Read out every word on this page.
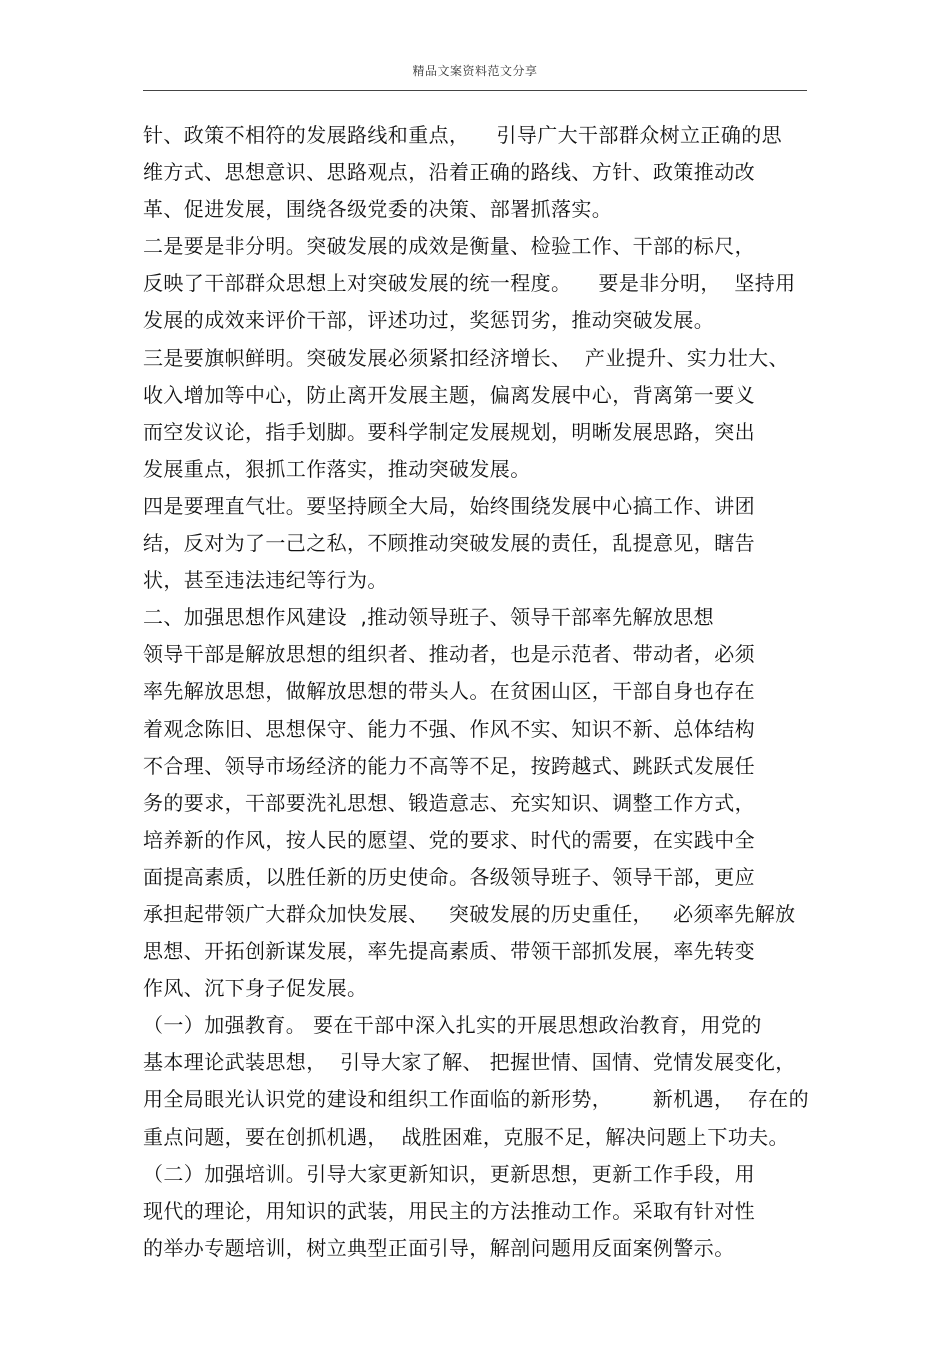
精品文案资料范文分享
针、政策不相符的发展路线和重点，    引导广大干部群众树立正确的思
维方式、思想意识、思路观点，沿着正确的路线、方针、政策推动改
革、促进发展，围绕各级党委的决策、部署抓落实。
二是要是非分明。突破发展的成效是衡量、检验工作、干部的标尺，
反映了干部群众思想上对突破发展的统一程度。    要是非分明，  坚持用
发展的成效来评价干部，评述功过，奖惩罚劣，推动突破发展。
三是要旗帜鲜明。突破发展必须紧扣经济增长、  产业提升、实力壮大、
收入增加等中心，防止离开发展主题，偏离发展中心，背离第一要义
而空发议论，指手划脚。要科学制定发展规划，明晰发展思路，突出
发展重点，狠抓工作落实，推动突破发展。
四是要理直气壮。要坚持顾全大局，始终围绕发展中心搞工作、讲团
结，反对为了一己之私，不顾推动突破发展的责任，乱提意见，瞎告
状，甚至违法违纪等行为。
二、加强思想作风建设  ,推动领导班子、领导干部率先解放思想
领导干部是解放思想的组织者、推动者，也是示范者、带动者，必须
率先解放思想，做解放思想的带头人。在贫困山区，干部自身也存在
着观念陈旧、思想保守、能力不强、作风不实、知识不新、总体结构
不合理、领导市场经济的能力不高等不足，按跨越式、跳跃式发展任
务的要求，干部要洗礼思想、锻造意志、充实知识、调整工作方式，
培养新的作风，按人民的愿望、党的要求、时代的需要，在实践中全
面提高素质，以胜任新的历史使命。各级领导班子、领导干部，更应
承担起带领广大群众加快发展、   突破发展的历史重任，   必须率先解放
思想、开拓创新谋发展，率先提高素质、带领干部抓发展，率先转变
作风、沉下身子促发展。
（一）加强教育。 要在干部中深入扎实的开展思想政治教育，用党的
基本理论武装思想，  引导大家了解、 把握世情、国情、党情发展变化，
用全局眼光认识党的建设和组织工作面临的新形势，      新机遇，  存在的
重点问题，要在创抓机遇，  战胜困难，克服不足，解决问题上下功夫。
（二）加强培训。引导大家更新知识，更新思想，更新工作手段，用
现代的理论，用知识的武装，用民主的方法推动工作。采取有针对性
的举办专题培训，树立典型正面引导，解剖问题用反面案例警示。
